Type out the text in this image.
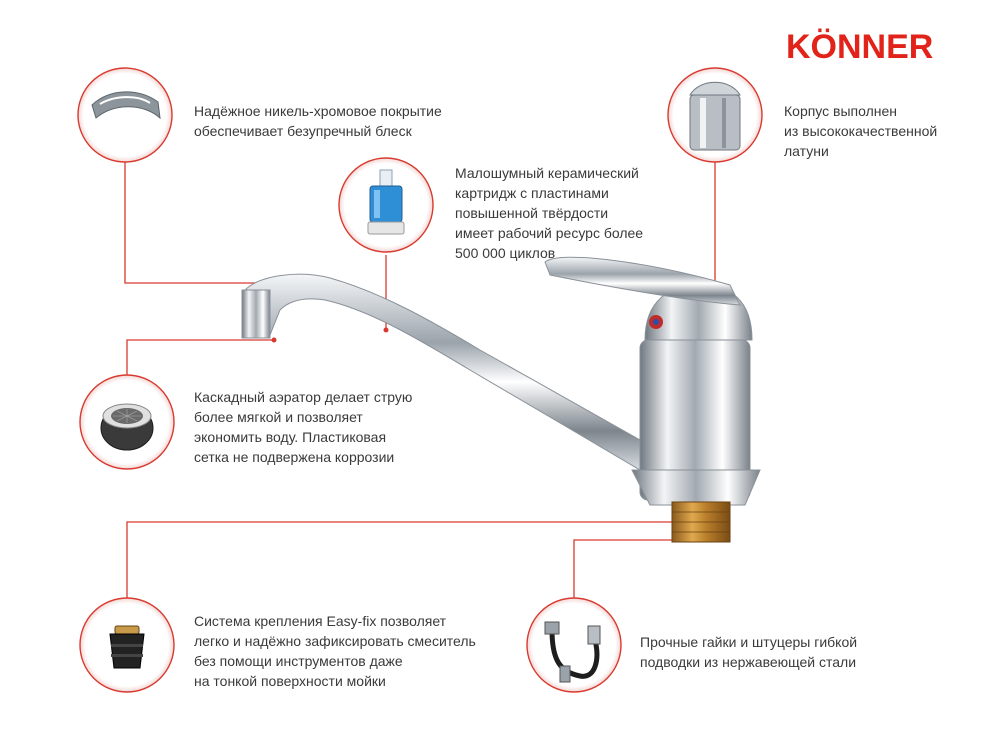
KÖNNER
Надёжное никель-хромовое покрытие
обеспечивает безупречный блеск
Корпус выполнен
из высококачественной
латуни
Малошумный керамический
картридж с пластинами
повышенной твёрдости
имеет рабочий ресурс более
500 000 циклов
Каскадный аэратор делает струю
более мягкой и позволяет
экономить воду. Пластиковая
сетка не подвержена коррозии
Система крепления Easy-fix позволяет
легко и надёжно зафиксировать смеситель
без помощи инструментов даже
на тонкой поверхности мойки
Прочные гайки и штуцеры гибкой
подводки из нержавеющей стали
